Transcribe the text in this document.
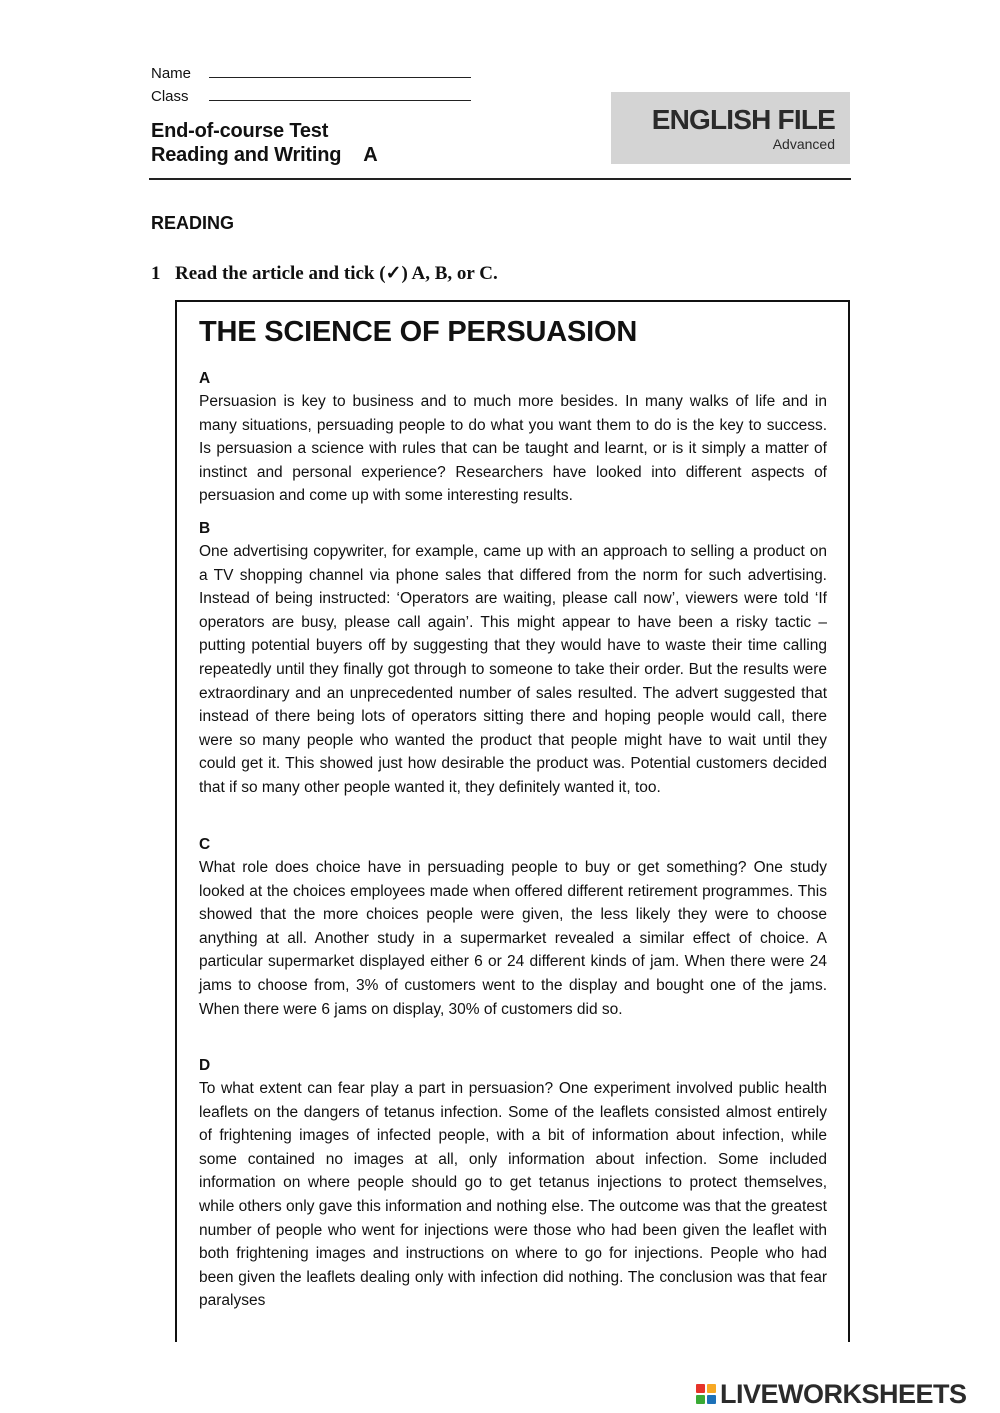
Name
Class
End-of-course Test
Reading and Writing A
ENGLISH FILE
Advanced
READING
1 Read the article and tick (✓) A, B, or C.
THE SCIENCE OF PERSUASION
A

Persuasion is key to business and to much more besides. In many walks of life and in many situations, persuading people to do what you want them to do is the key to success. Is persuasion a science with rules that can be taught and learnt, or is it simply a matter of instinct and personal experience? Researchers have looked into different aspects of persuasion and come up with some interesting results.

B

One advertising copywriter, for example, came up with an approach to selling a product on a TV shopping channel via phone sales that differed from the norm for such advertising. Instead of being instructed: ‘Operators are waiting, please call now’, viewers were told ‘If operators are busy, please call again’. This might appear to have been a risky tactic – putting potential buyers off by suggesting that they would have to waste their time calling repeatedly until they finally got through to someone to take their order. But the results were extraordinary and an unprecedented number of sales resulted. The advert suggested that instead of there being lots of operators sitting there and hoping people would call, there were so many people who wanted the product that people might have to wait until they could get it. This showed just how desirable the product was. Potential customers decided that if so many other people wanted it, they definitely wanted it, too.

C

What role does choice have in persuading people to buy or get something? One study looked at the choices employees made when offered different retirement programmes. This showed that the more choices people were given, the less likely they were to choose anything at all. Another study in a supermarket revealed a similar effect of choice. A particular supermarket displayed either 6 or 24 different kinds of jam. When there were 24 jams to choose from, 3% of customers went to the display and bought one of the jams. When there were 6 jams on display, 30% of customers did so.

D

To what extent can fear play a part in persuasion? One experiment involved public health leaflets on the dangers of tetanus infection. Some of the leaflets consisted almost entirely of frightening images of infected people, with a bit of information about infection, while some contained no images at all, only information about infection. Some included information on where people should go to get tetanus injections to protect themselves, while others only gave this information and nothing else. The outcome was that the greatest number of people who went for injections were those who had been given the leaflet with both frightening images and instructions on where to go for injections. People who had been given the leaflets dealing only with infection did nothing. The conclusion was that fear paralyses

LIVEWORKSHEETS
